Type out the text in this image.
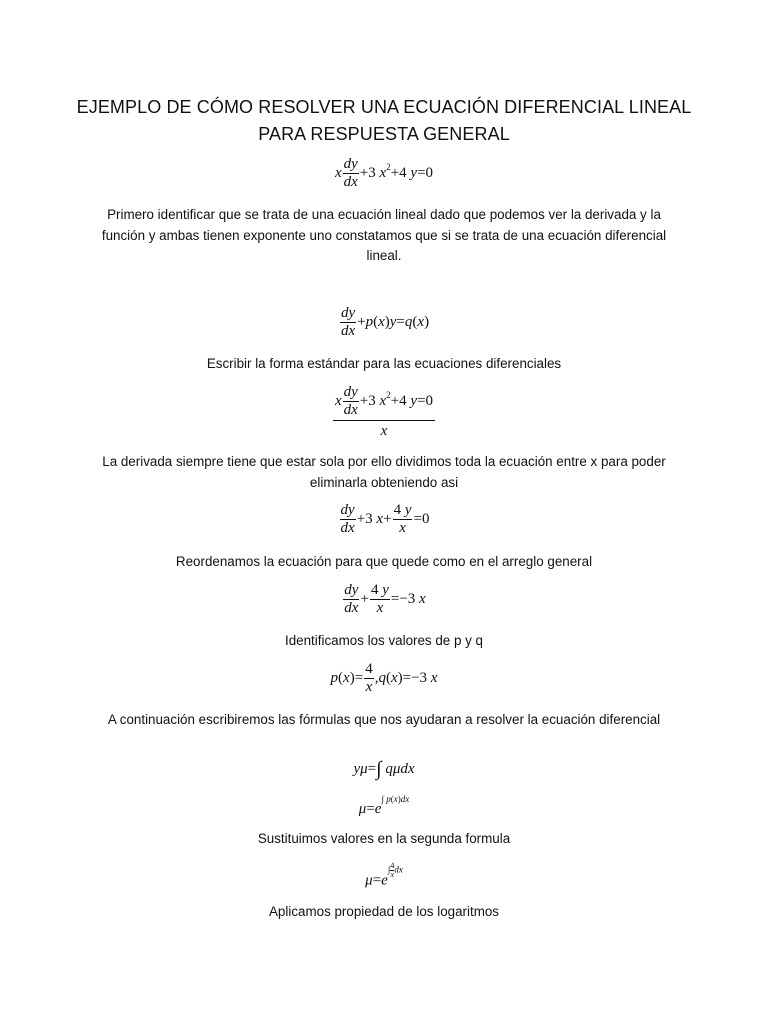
EJEMPLO DE CÓMO RESOLVER UNA ECUACIÓN DIFERENCIAL LINEAL
PARA RESPUESTA GENERAL
x $\frac{dy}{dx} +3$ $x^2+4$ y=0
Primero identificar que se trata de una ecuación lineal dado que podemos ver la derivada y la función y ambas tienen exponente uno constatamos que si se trata de una ecuación diferencial lineal.
$\frac{dy}{dx} +p(x)y=q(x)$
Escribir la forma estándar para las ecuaciones diferenciales
x $\frac{dy}{dx} +3$ $x^2+4$ y=0
x
La derivada siempre tiene que estar sola por ello dividimos toda la ecuación entre x para poder eliminarla obteniendo asi
$\frac{dy}{dx} +3$ $x+ \frac{4 y}{x} =0$
Reordenamos la ecuación para que quede como en el arreglo general
$\frac{dy}{dx} + \frac{4 y}{x} =-3$ x
Identificamos los valores de p y q
$p(x)= \frac{4}{x} ,q(x)=-3$ x
A continuación escribiremos las fórmulas que nos ayudaran a resolver la ecuación diferencial
yμ=∫ qμdx
μ=e∫ p(x)dx
Sustituimos valores en la segunda formula
$\mu=e\int \frac{4}{x}$ dx
Aplicamos propiedad de los logaritmos
